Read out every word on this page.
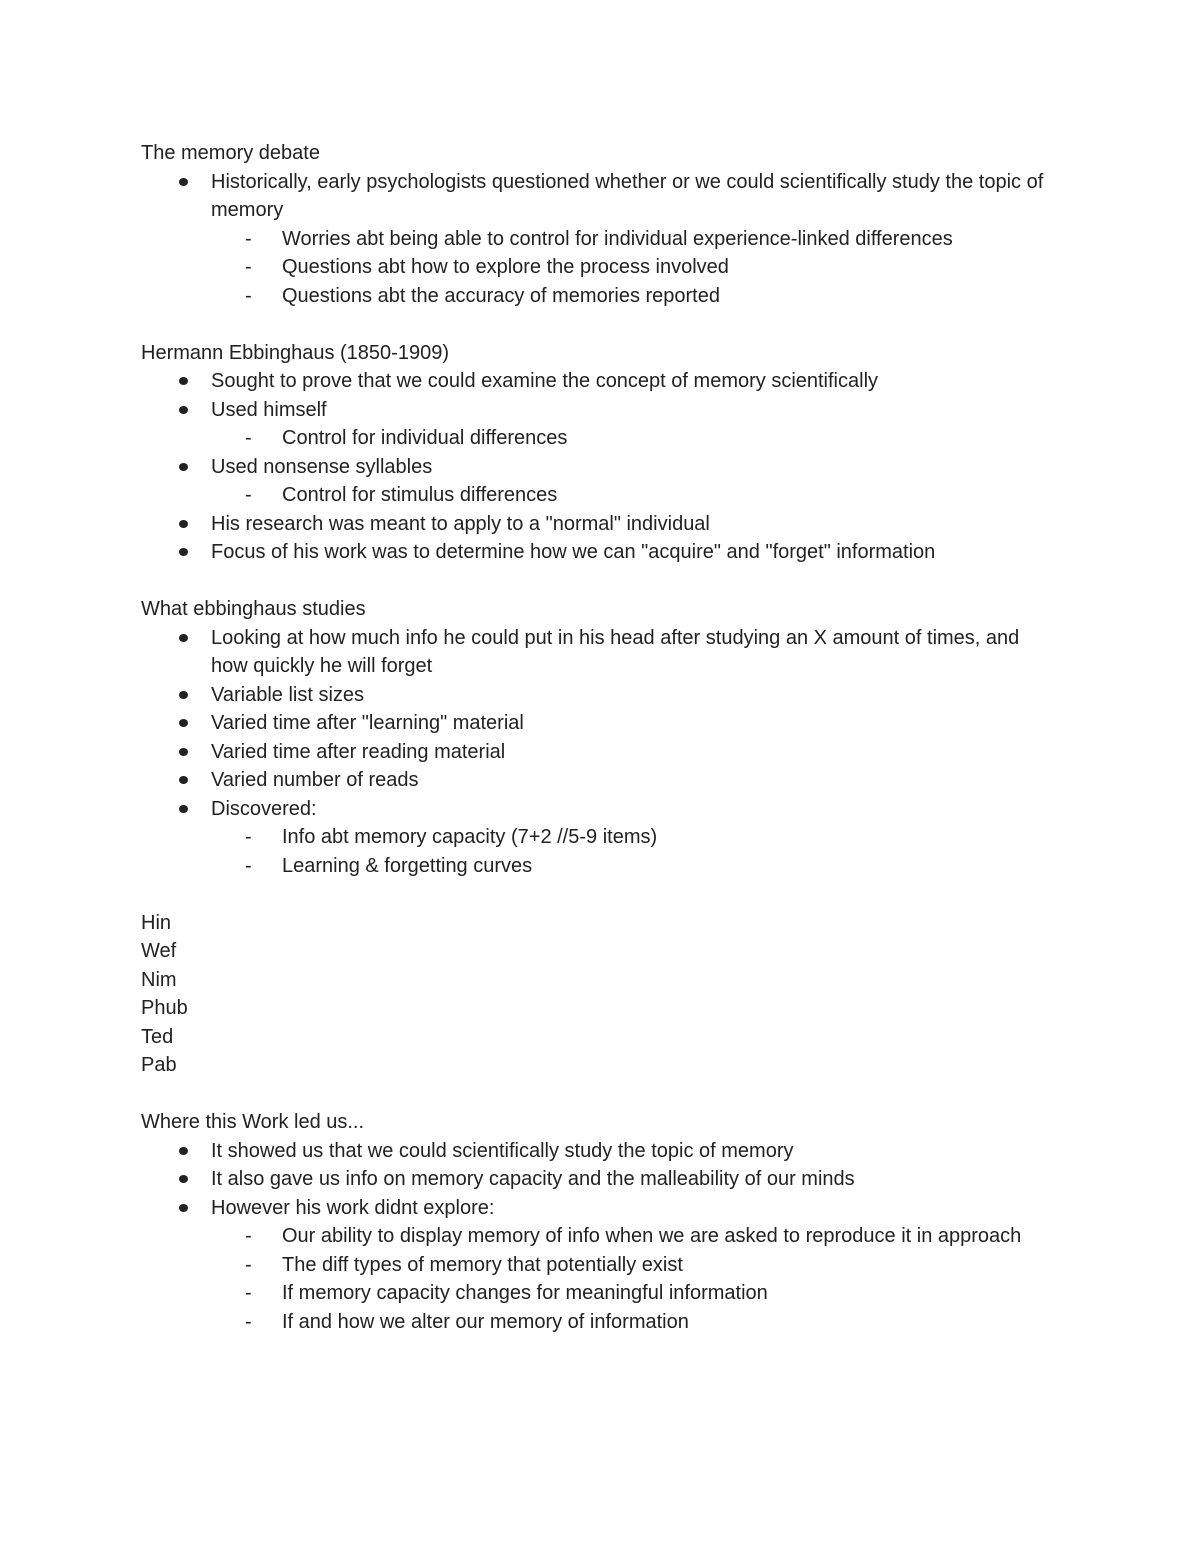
The memory debate
Historically, early psychologists questioned whether or we could scientifically study the topic of memory
- Worries abt being able to control for individual experience-linked differences
- Questions abt how to explore the process involved
- Questions abt the accuracy of memories reported
Hermann Ebbinghaus (1850-1909)
Sought to prove that we could examine the concept of memory scientifically
Used himself
- Control for individual differences
Used nonsense syllables
- Control for stimulus differences
His research was meant to apply to a "normal" individual
Focus of his work was to determine how we can "acquire" and "forget" information
What ebbinghaus studies
Looking at how much info he could put in his head after studying an X amount of times, and how quickly he will forget
Variable list sizes
Varied time after "learning" material
Varied time after reading material
Varied number of reads
Discovered:
- Info abt memory capacity (7+2 //5-9 items)
- Learning & forgetting curves
Hin
Wef
Nim
Phub
Ted
Pab
Where this Work led us...
It showed us that we could scientifically study the topic of memory
It also gave us info on memory capacity and the malleability of our minds
However his work didnt explore:
- Our ability to display memory of info when we are asked to reproduce it in approach
- The diff types of memory that potentially exist
- If memory capacity changes for meaningful information
- If and how we alter our memory of information
